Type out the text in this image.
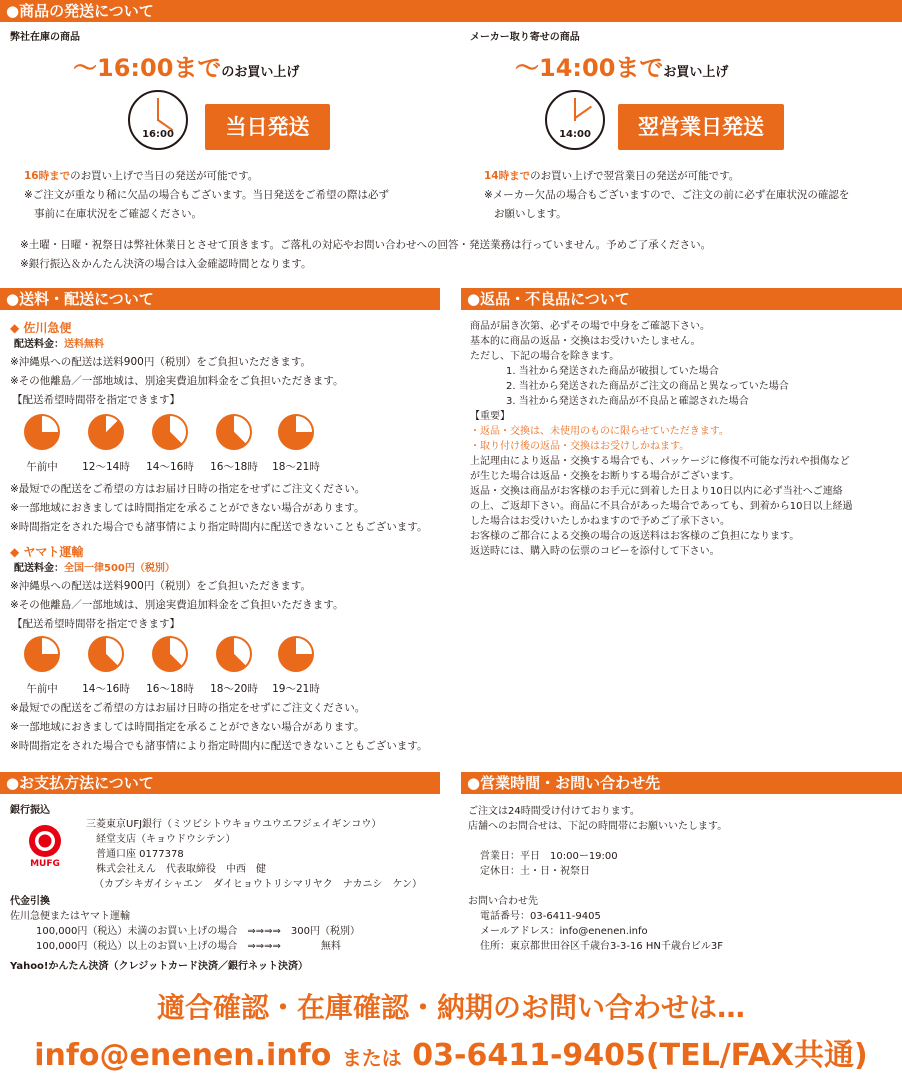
●商品の発送について
弊社在庫の商品
〜16:00までのお買い上げ
16:00	当日発送
16時までのお買い上げで当日の発送が可能です。
※ご注文が重なり稀に欠品の場合もございます。当日発送をご希望の際は必ず
事前に在庫状況をご確認ください。
メーカー取り寄せの商品
〜14:00までお買い上げ
14:00	翌営業日発送
14時までのお買い上げで翌営業日の発送が可能です。
※メーカー欠品の場合もございますので、ご注文の前に必ず在庫状況の確認を
お願いします。
※土曜・日曜・祝祭日は弊社休業日とさせて頂きます。ご落札の対応やお問い合わせへの回答・発送業務は行っていません。予めご了承ください。
※銀行振込＆かんたん決済の場合は入金確認時間となります。
●送料・配送について
◆ 佐川急便
配送料金：送料無料
※沖縄県への配送は送料900円（税別）をご負担いただきます。
※その他離島／一部地域は、別途実費追加料金をご負担いただきます。
【配送希望時間帯を指定できます】
午前中	12〜14時	14〜16時	16〜18時	18〜21時
※最短での配送をご希望の方はお届け日時の指定をせずにご注文ください。
※一部地域におきましては時間指定を承ることができない場合があります。
※時間指定をされた場合でも諸事情により指定時間内に配送できないこともございます。
◆ ヤマト運輸
配送料金：全国一律500円（税別）
※沖縄県への配送は送料900円（税別）をご負担いただきます。
※その他離島／一部地域は、別途実費追加料金をご負担いただきます。
【配送希望時間帯を指定できます】
午前中	14〜16時	16〜18時	18〜20時	19〜21時
※最短での配送をご希望の方はお届け日時の指定をせずにご注文ください。
※一部地域におきましては時間指定を承ることができない場合があります。
※時間指定をされた場合でも諸事情により指定時間内に配送できないこともございます。
●返品・不良品について
商品が届き次第、必ずその場で中身をご確認下さい。
基本的に商品の返品・交換はお受けいたしません。
ただし、下記の場合を除きます。
1. 当社から発送された商品が破損していた場合
2. 当社から発送された商品がご注文の商品と異なっていた場合
3. 当社から発送された商品が不良品と確認された場合
【重要】
・返品・交換は、未使用のものに限らせていただきます。
・取り付け後の返品・交換はお受けしかねます。
上記理由により返品・交換する場合でも、パッケージに修復不可能な汚れや損傷など
が生じた場合は返品・交換をお断りする場合がございます。
返品・交換は商品がお客様のお手元に到着した日より10日以内に必ず当社へご連絡
の上、ご返却下さい。商品に不具合があった場合であっても、到着から10日以上経過
した場合はお受けいたしかねますので予めご了承下さい。
お客様のご都合による交換の場合の返送料はお客様のご負担になります。
返送時には、購入時の伝票のコピーを添付して下さい。
●お支払方法について
銀行振込
MUFG
三菱東京UFJ銀行（ミツビシトウキョウユウエフジェイギンコウ）
経堂支店（キョウドウシテン）
普通口座 0177378
株式会社えん　代表取締役　中西　健
（カブシキガイシャエン　ダイヒョウトリシマリヤク　ナカニシ　ケン）
代金引換
佐川急便またはヤマト運輸
100,000円（税込）未満のお買い上げの場合　⇒⇒⇒⇒　300円（税別）
100,000円（税込）以上のお買い上げの場合　⇒⇒⇒⇒　　　　無料
Yahoo!かんたん決済（クレジットカード決済／銀行ネット決済）
●営業時間・お問い合わせ先
ご注文は24時間受け付けております。
店舗へのお問合せは、下記の時間帯にお願いいたします。
営業日：平日　10:00ー19:00
定休日：土・日・祝祭日
お問い合わせ先
電話番号：03-6411-9405
メールアドレス：info@enenen.info
住所：東京都世田谷区千歳台3-3-16 HN千歳台ビル3F
適合確認・在庫確認・納期のお問い合わせは…
info@enenen.info または 03-6411-9405(TEL/FAX共通)
